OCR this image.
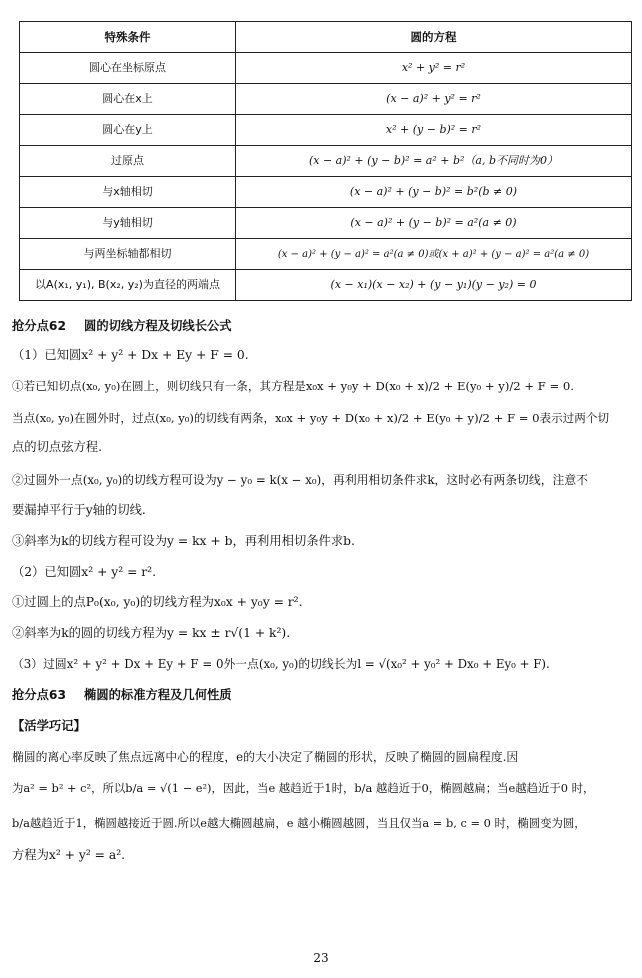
特殊条件	圆的方程
圆心在坐标原点	x² + y² = r²
圆心在x上	(x − a)² + y² = r²
圆心在y上	x² + (y − b)² = r²
过原点	(x − a)² + (y − b)² = a² + b²（a, b不同时为0）
与x轴相切	(x − a)² + (y − b)² = b²(b ≠ 0)
与y轴相切	(x − a)² + (y − b)² = a²(a ≠ 0)
与两坐标轴都相切	(x − a)² + (y − a)² = a²(a ≠ 0)或(x + a)² + (y − a)² = a²(a ≠ 0)
以A(x₁, y₁), B(x₂, y₂)为直径的两端点	(x − x₁)(x − x₂) + (y − y₁)(y − y₂) = 0
抢分点62 圆的切线方程及切线长公式
（1）已知圆x² + y² + Dx + Ey + F = 0.
①若已知切点(x₀, y₀)在圆上，则切线只有一条，其方程是x₀x + y₀y + D(x₀ + x)/2 + E(y₀ + y)/2 + F = 0.
当点(x₀, y₀)在圆外时，过点(x₀, y₀)的切线有两条，x₀x + y₀y + D(x₀ + x)/2 + E(y₀ + y)/2 + F = 0表示过两个切
点的切点弦方程.
②过圆外一点(x₀, y₀)的切线方程可设为y − y₀ = k(x − x₀)，再利用相切条件求k，这时必有两条切线，注意不
要漏掉平行于y轴的切线.
③斜率为k的切线方程可设为y = kx + b，再利用相切条件求b.
（2）已知圆x² + y² = r².
①过圆上的点P₀(x₀, y₀)的切线方程为x₀x + y₀y = r².
②斜率为k的圆的切线方程为y = kx ± r√(1 + k²).
（3）过圆x² + y² + Dx + Ey + F = 0外一点(x₀, y₀)的切线长为l = √(x₀² + y₀² + Dx₀ + Ey₀ + F).
抢分点63 椭圆的标准方程及几何性质
【活学巧记】
椭圆的离心率反映了焦点远离中心的程度，e的大小决定了椭圆的形状，反映了椭圆的圆扁程度.因
为a² = b² + c²，所以b/a = √(1 − e²)，因此，当e 越趋近于1时，b/a 越趋近于0，椭圆越扁；当e越趋近于0 时，
b/a越趋近于1，椭圆越接近于圆.所以e越大椭圆越扁，e 越小椭圆越圆，当且仅当a = b, c = 0 时，椭圆变为圆，
方程为x² + y² = a².
23
